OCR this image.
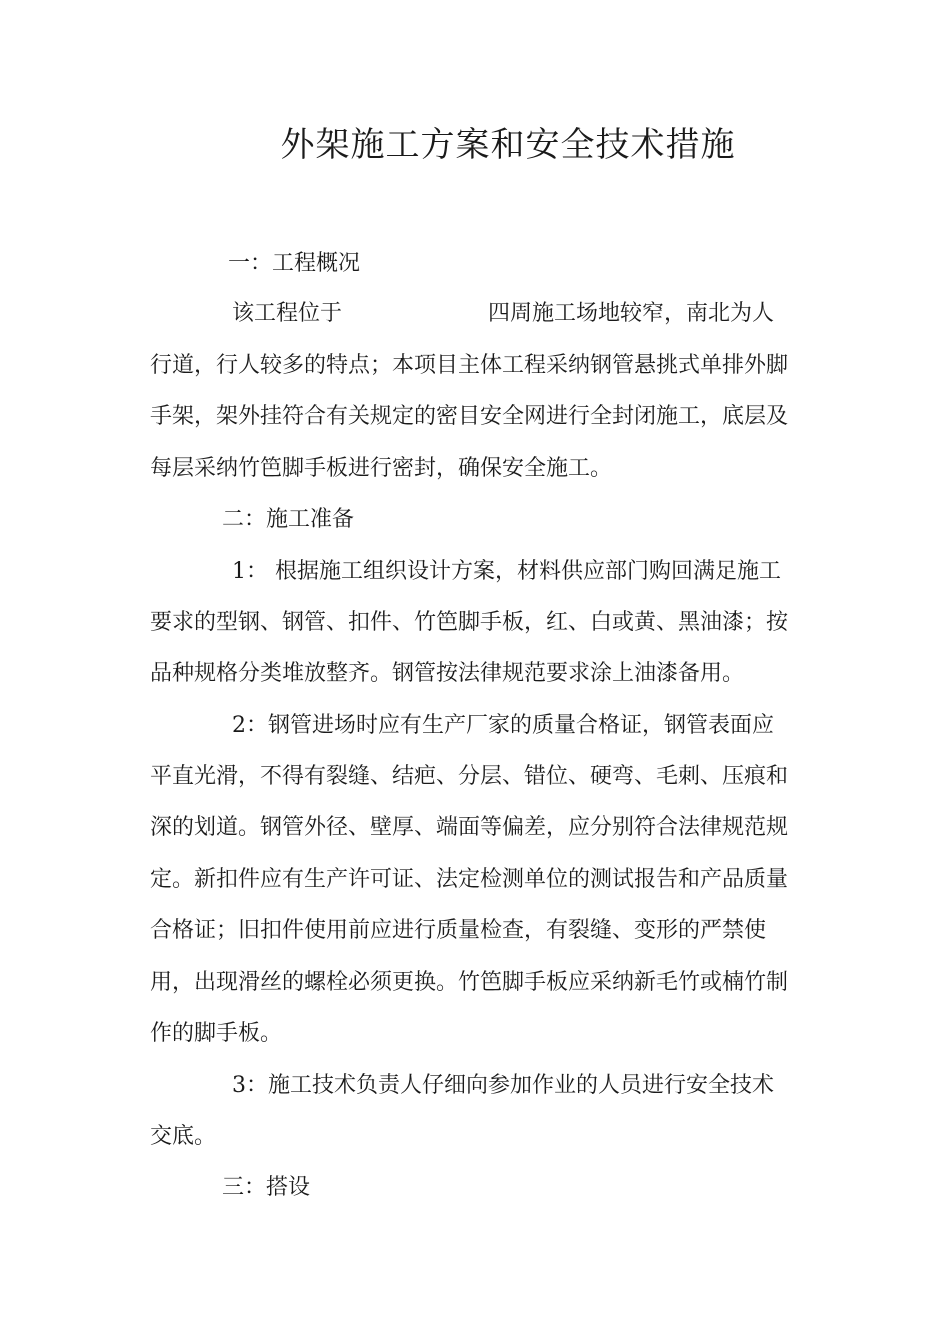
外架施工方案和安全技术措施
一：工程概况
该工程位于	四周施工场地较窄，南北为人
行道，行人较多的特点；本项目主体工程采纳钢管悬挑式单排外脚
手架，架外挂符合有关规定的密目安全网进行全封闭施工，底层及
每层采纳竹笆脚手板进行密封，确保安全施工。
二：施工准备
1： 根据施工组织设计方案，材料供应部门购回满足施工
要求的型钢、钢管、扣件、竹笆脚手板，红、白或黄、黑油漆；按
品种规格分类堆放整齐。钢管按法律规范要求涂上油漆备用。
2：钢管进场时应有生产厂家的质量合格证，钢管表面应
平直光滑，不得有裂缝、结疤、分层、错位、硬弯、毛刺、压痕和
深的划道。钢管外径、壁厚、端面等偏差，应分别符合法律规范规
定。新扣件应有生产许可证、法定检测单位的测试报告和产品质量
合格证；旧扣件使用前应进行质量检查，有裂缝、变形的严禁使
用，出现滑丝的螺栓必须更换。竹笆脚手板应采纳新毛竹或楠竹制
作的脚手板。
3：施工技术负责人仔细向参加作业的人员进行安全技术
交底。
三：搭设
